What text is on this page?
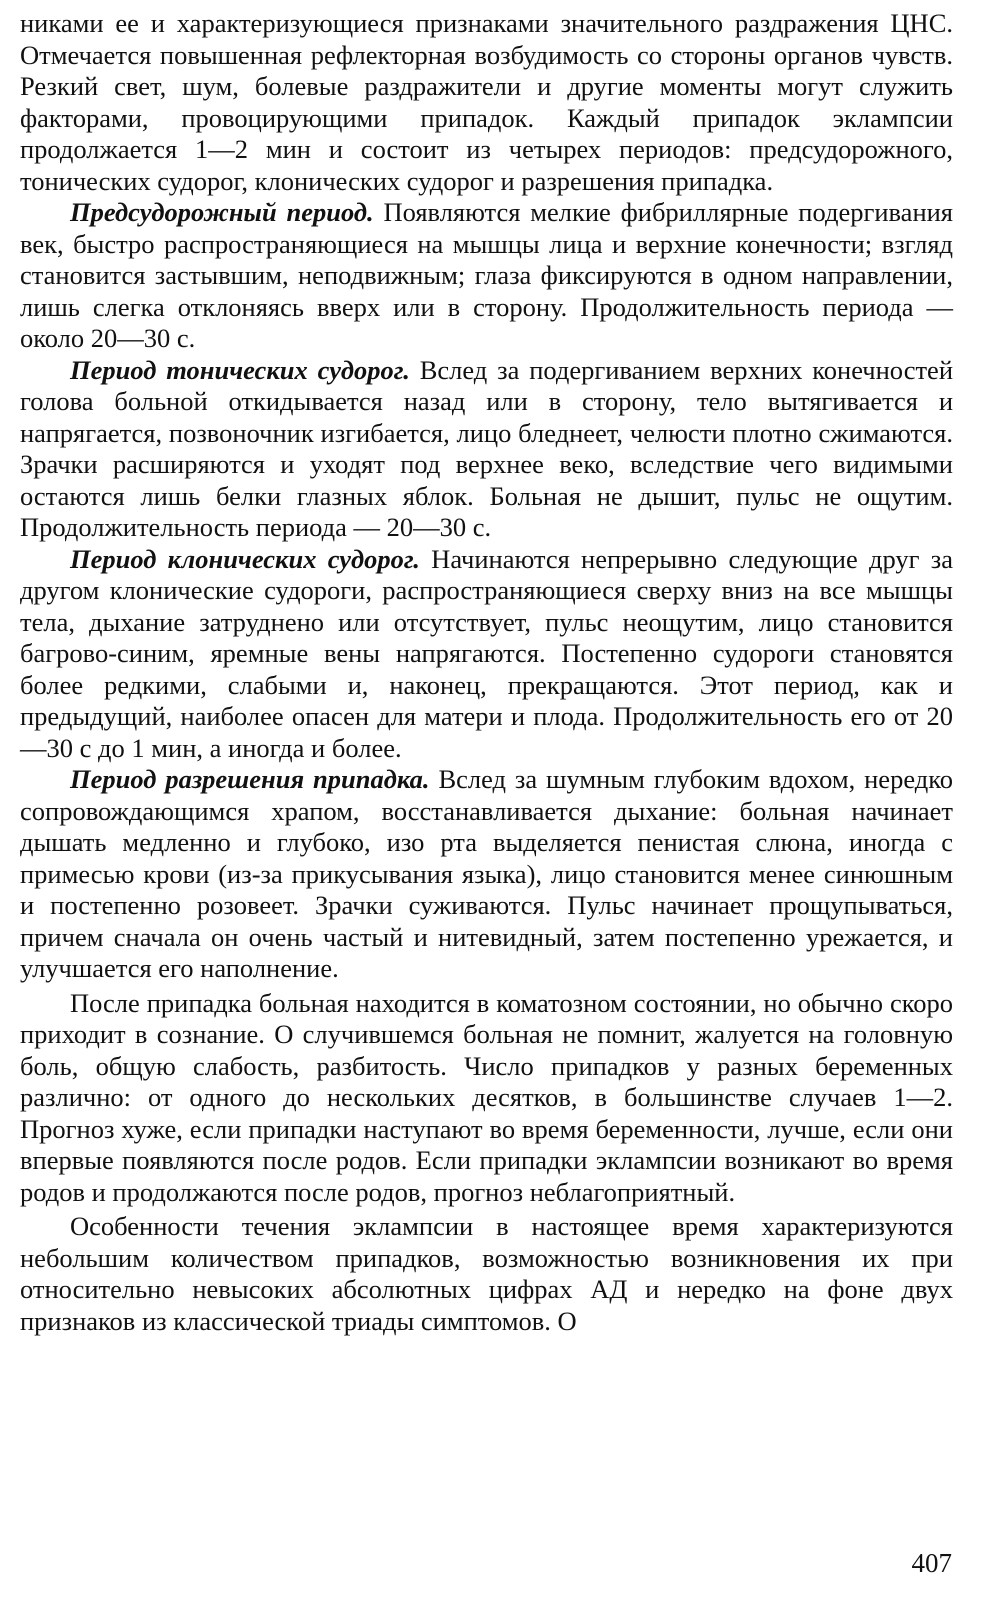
никами ее и характеризующиеся признаками значительного раздражения ЦНС. Отмечается повышенная рефлекторная возбудимость со стороны органов чувств. Резкий свет, шум, болевые раздражители и другие моменты могут служить факторами, провоцирующими припадок. Каждый припадок эклампсии продолжается 1—2 мин и состоит из четырех периодов: предсудорожного, тонических судорог, клонических судорог и разрешения припадка.

Предсудорожный период. Появляются мелкие фибриллярные подергивания век, быстро распространяющиеся на мышцы лица и верхние конечности; взгляд становится застывшим, неподвижным; глаза фиксируются в одном направлении, лишь слегка отклоняясь вверх или в сторону. Продолжительность периода — около 20—30 с.

Период тонических судорог. Вслед за подергиванием верхних конечностей голова больной откидывается назад или в сторону, тело вытягивается и напрягается, позвоночник изгибается, лицо бледнеет, челюсти плотно сжимаются. Зрачки расширяются и уходят под верхнее веко, вследствие чего видимыми остаются лишь белки глазных яблок. Больная не дышит, пульс не ощутим. Продолжительность периода — 20—30 с.

Период клонических судорог. Начинаются непрерывно следующие друг за другом клонические судороги, распространяющиеся сверху вниз на все мышцы тела, дыхание затруднено или отсутствует, пульс неощутим, лицо становится багрово-синим, яремные вены напрягаются. Постепенно судороги становятся более редкими, слабыми и, наконец, прекращаются. Этот период, как и предыдущий, наиболее опасен для матери и плода. Продолжительность его от 20—30 с до 1 мин, а иногда и более.

Период разрешения припадка. Вслед за шумным глубоким вдохом, нередко сопровождающимся храпом, восстанавливается дыхание: больная начинает дышать медленно и глубоко, изо рта выделяется пенистая слюна, иногда с примесью крови (из-за прикусывания языка), лицо становится менее синюшным и постепенно розовеет. Зрачки суживаются. Пульс начинает прощупываться, причем сначала он очень частый и нитевидный, затем постепенно урежается, и улучшается его наполнение.

После припадка больная находится в коматозном состоянии, но обычно скоро приходит в сознание. О случившемся больная не помнит, жалуется на головную боль, общую слабость, разбитость. Число припадков у разных беременных различно: от одного до нескольких десятков, в большинстве случаев 1—2. Прогноз хуже, если припадки наступают во время беременности, лучше, если они впервые появляются после родов. Если припадки эклампсии возникают во время родов и продолжаются после родов, прогноз неблагоприятный.

Особенности течения эклампсии в настоящее время характеризуются небольшим количеством припадков, возможностью возникновения их при относительно невысоких абсолютных цифрах АД и нередко на фоне двух признаков из классической триады симптомов. О

407
